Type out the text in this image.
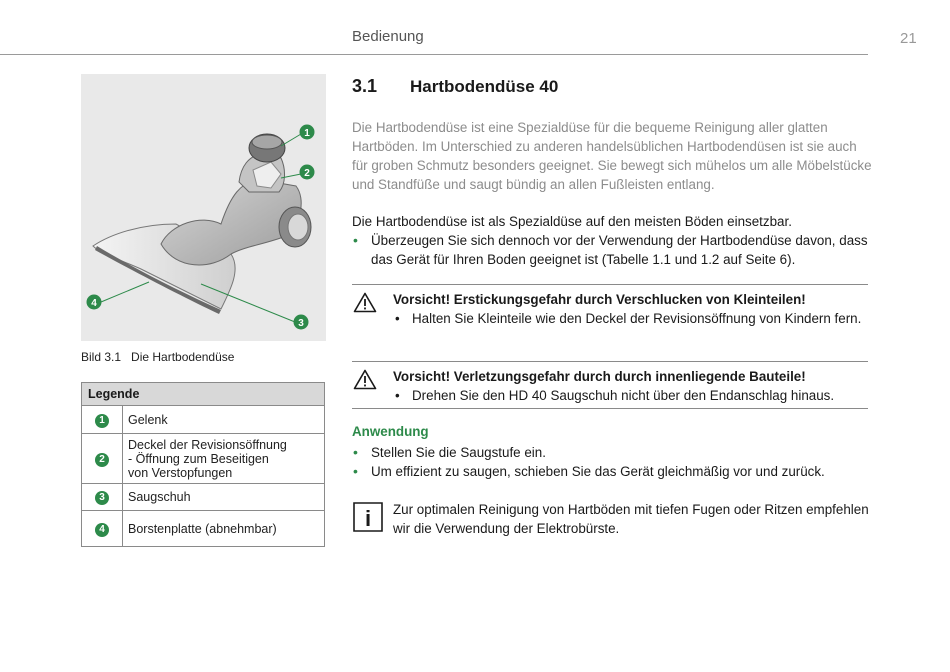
Bedienung	21
1
2
3
4
Bild 3.1 Die Hartbodendüse
Legende	
1	Gelenk
2	Deckel der Revisionsöffnung
- Öffnung zum Beseitigen
von Verstopfungen

3	Saugschuh
4	Borstenplatte (abnehmbar)
3.1 Hartbodendüse 40

Die Hartbodendüse ist eine Spezialdüse für die bequeme Reinigung aller glatten Hartböden. Im Unterschied zu anderen handelsüblichen Hartbodendüsen ist sie auch für groben Schmutz besonders geeignet. Sie bewegt sich mühelos um alle Möbelstücke und Standfüße und saugt bündig an allen Fußleisten entlang.

Die Hartbodendüse ist als Spezialdüse auf den meisten Böden einsetzbar.

• Überzeugen Sie sich dennoch vor der Verwendung der Hartbodendüse davon, dass das Gerät für Ihren Boden geeignet ist (Tabelle 1.1 und 1.2 auf Seite 6).
Vorsicht! Erstickungsgefahr durch Verschlucken von Kleinteilen!
• Halten Sie Kleinteile wie den Deckel der Revisionsöffnung von Kindern fern.
Vorsicht! Verletzungsgefahr durch durch innenliegende Bauteile!
• Drehen Sie den HD 40 Saugschuh nicht über den Endanschlag hinaus.
Anwendung
• Stellen Sie die Saugstufe ein.
• Um effizient zu saugen, schieben Sie das Gerät gleichmäßig vor und zurück.
i Zur optimalen Reinigung von Hartböden mit tiefen Fugen oder Ritzen empfehlen wir die Verwendung der Elektrobürste.
